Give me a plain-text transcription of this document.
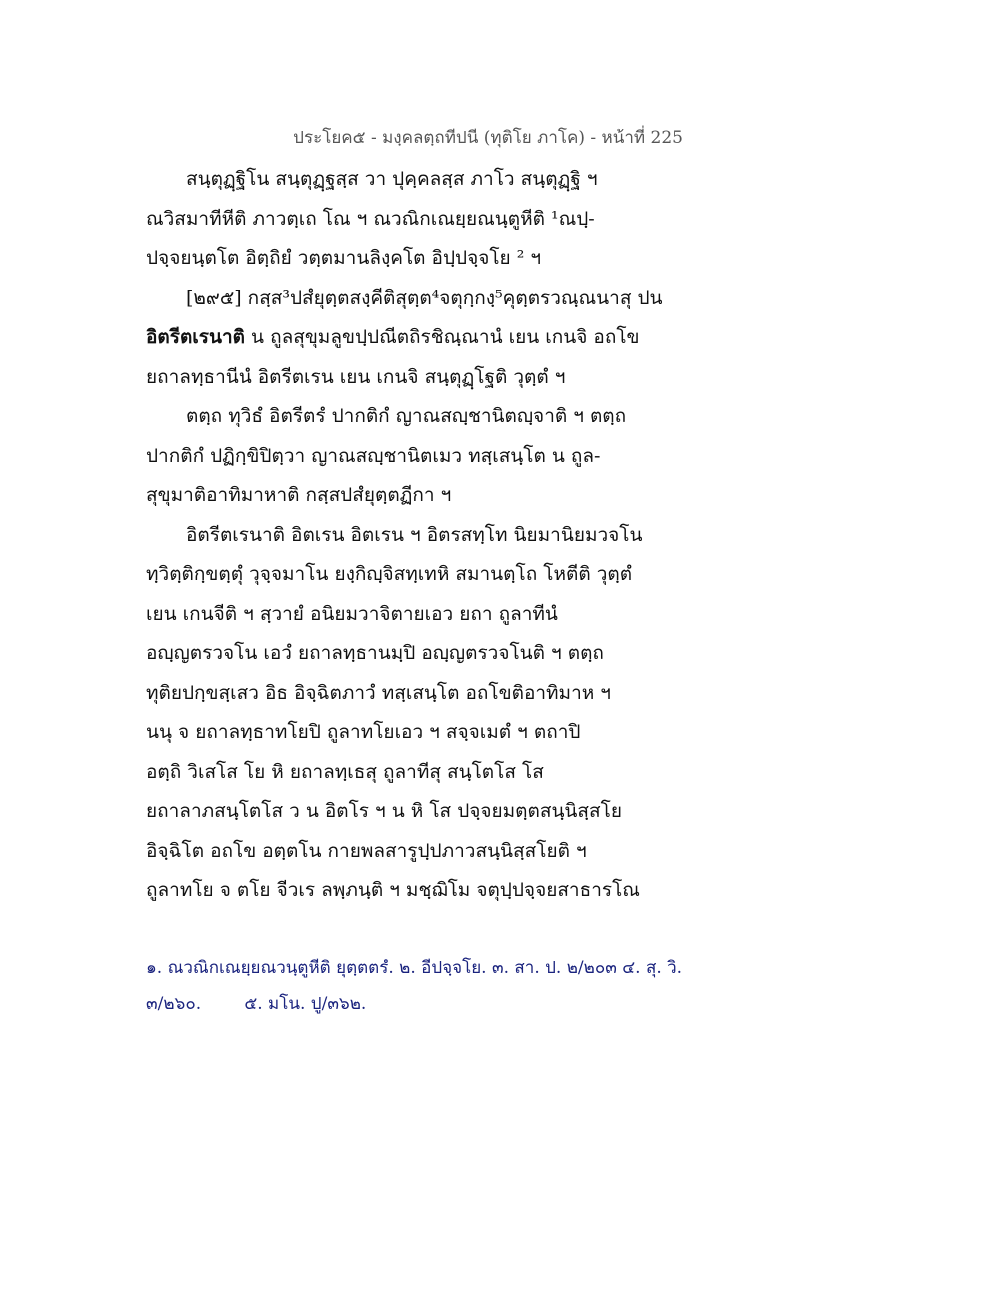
ประโยค๕ - มงฺคลตฺถทีปนี (ทุติโย ภาโค) - หน้าที่ 225
สนฺตุฏฺฐิโน สนฺตุฏฺฐสฺส วา ปุคฺคลสฺส ภาโว สนฺตุฏฺฐิ ฯ
ณวิสมาทีหีติ ภาวตฺเถ โณ ฯ ณวณิกเณยฺยณนฺตูหีติ ¹ณปฺ-
ปจฺจยนฺตโต อิตฺถิยํ วตฺตมานลิงฺคโต อิปฺปจฺจโย ² ฯ
[๒๙๕] กสฺส³ปสํยุตฺตสงฺคีติสุตฺต⁴จตุกฺกงฺ⁵คุตฺตรวณฺณนาสุ ปน
อิตรีตเรนาติ น ถูลสุขุมลูขปฺปณีตถิรชิณฺณานํ เยน เกนจิ อถโข
ยถาลทฺธานีนํ อิตรีตเรน เยน เกนจิ สนฺตุฏฺโฐติ วุตฺตํ ฯ
ตตฺถ ทุวิธํ อิตรีตรํ ปากติกํ ญาณสญฺชานิตญฺจาติ ฯ ตตฺถ
ปากติกํ ปฏิกฺขิปิตฺวา ญาณสญฺชานิตเมว ทสฺเสนฺโต น ถูล-
สุขุมาติอาทิมาหาติ กสฺสปสํยุตฺตฏีกา ฯ
อิตรีตเรนาติ อิตเรน อิตเรน ฯ อิตรสทฺโท นิยมานิยมวจโน
ทฺวิตฺติกฺขตฺตุํ วุจฺจมาโน ยงฺกิญฺจิสทฺเทหิ สมานตฺโถ โหตีติ วุตฺตํ
เยน เกนจีติ ฯ สฺวายํ อนิยมวาจิตายเอว ยถา ถูลาทีนํ
อญฺญตรวจโน เอวํ ยถาลทฺธานมฺปิ อญฺญตรวจโนติ ฯ ตตฺถ
ทุติยปกฺขสฺเสว อิธ อิจฺฉิตภาวํ ทสฺเสนฺโต อถโขติอาทิมาห ฯ
นนุ จ ยถาลทฺธาทโยปิ ถูลาทโยเอว ฯ สจฺจเมตํ ฯ ตถาปิ
อตฺถิ วิเสโส โย หิ ยถาลทฺเธสุ ถูลาทีสุ สนฺโตโส โส
ยถาลาภสนฺโตโส ว น อิตโร ฯ น หิ โส ปจฺจยมตฺตสนฺนิสฺสโย
อิจฺฉิโต อถโข อตฺตโน กายพลสารูปฺปภาวสนฺนิสฺสโยติ ฯ
ถูลาทโย จ ตโย จีวเร ลพฺภนฺติ ฯ มชฺฌิโม จตุปฺปจฺจยสาธารโณ
๑. ณวณิกเณยฺยณวนฺตูหีติ ยุตฺตตรํ. ๒. อีปจฺจโย. ๓. สา. ป. ๒/๒๐๓ ๔. สุ. วิ.
๓/๒๖๐.        ๕. มโน. ปู/๓๖๒.
